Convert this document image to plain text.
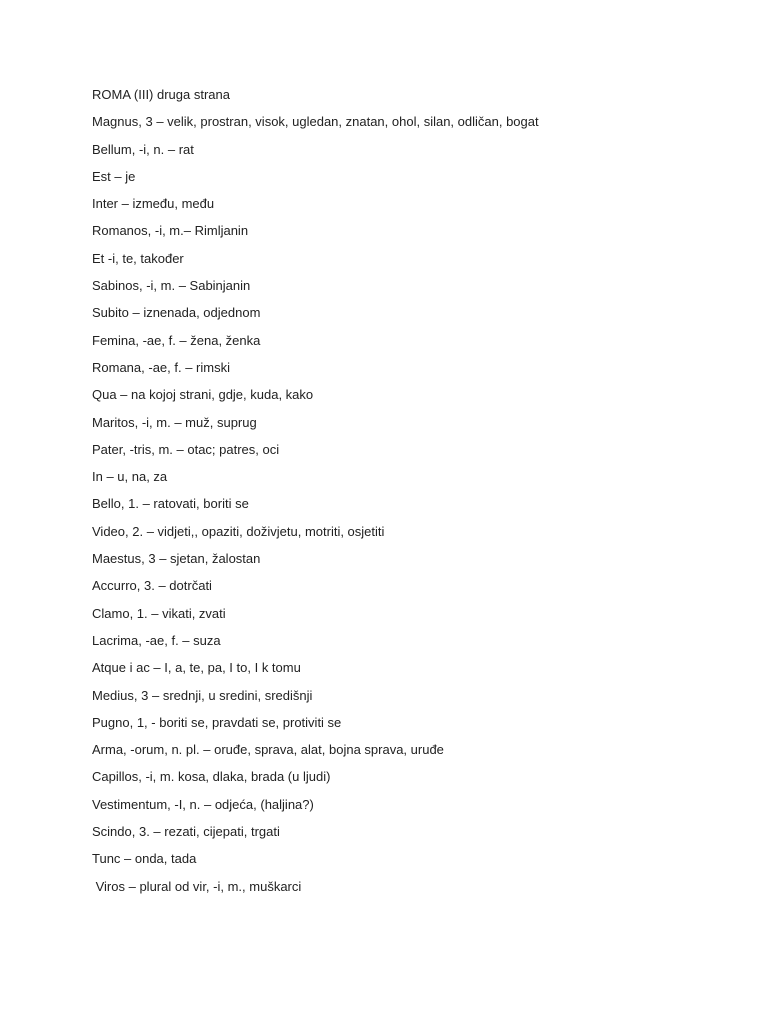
ROMA (III) druga strana
Magnus, 3 – velik, prostran, visok, ugledan, znatan, ohol, silan, odličan, bogat
Bellum, -i, n. – rat
Est – je
Inter – između, među
Romanos, -i, m.– Rimljanin
Et -i, te, također
Sabinos, -i, m. – Sabinjanin
Subito – iznenada, odjednom
Femina, -ae, f. – žena, ženka
Romana, -ae, f. – rimski
Qua – na kojoj strani, gdje, kuda, kako
Maritos, -i, m. – muž, suprug
Pater, -tris, m. – otac; patres, oci
In – u, na, za
Bello, 1. – ratovati, boriti se
Video, 2. – vidjeti,, opaziti, doživjetu, motriti, osjetiti
Maestus, 3 – sjetan, žalostan
Accurro, 3. – dotrčati
Clamo, 1. – vikati, zvati
Lacrima, -ae, f. – suza
Atque i ac – I, a, te, pa, I to, I k tomu
Medius, 3 – srednji, u sredini, središnji
Pugno, 1, - boriti se, pravdati se, protiviti se
Arma, -orum, n. pl. – oruđe, sprava, alat, bojna sprava, uruđe
Capillos, -i, m. kosa, dlaka, brada (u ljudi)
Vestimentum, -I, n. – odjeća, (haljina?)
Scindo, 3. – rezati, cijepati, trgati
Tunc – onda, tada
Viros – plural od vir, -i, m., muškarci
